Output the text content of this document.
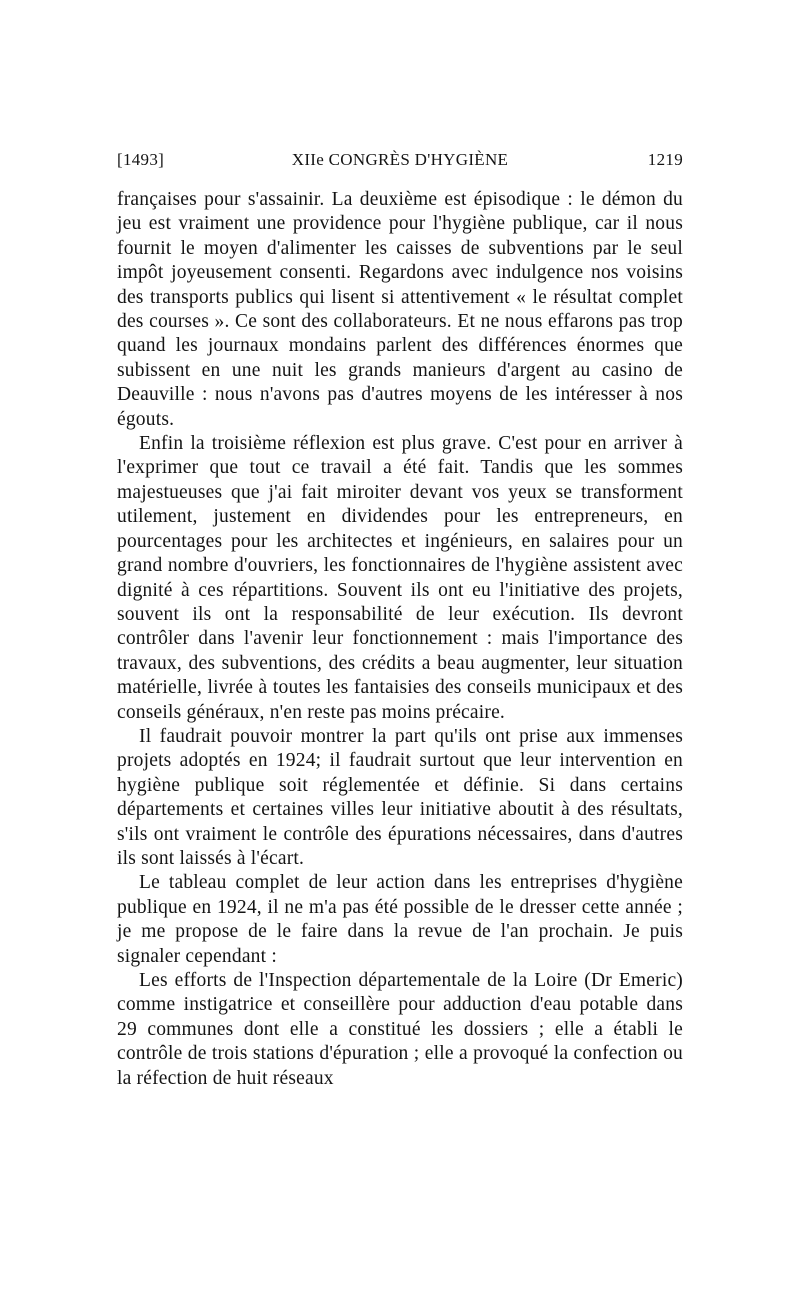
[1493]	XIIe CONGRÈS D'HYGIÈNE	1219

françaises pour s'assainir. La deuxième est épisodique : le démon du jeu est vraiment une providence pour l'hygiène publique, car il nous fournit le moyen d'alimenter les caisses de subventions par le seul impôt joyeusement consenti. Regardons avec indulgence nos voisins des transports publics qui lisent si attentivement « le résultat complet des courses ». Ce sont des collaborateurs. Et ne nous effarons pas trop quand les journaux mondains parlent des différences énormes que subissent en une nuit les grands manieurs d'argent au casino de Deauville : nous n'avons pas d'autres moyens de les intéresser à nos égouts.

Enfin la troisième réflexion est plus grave. C'est pour en arriver à l'exprimer que tout ce travail a été fait. Tandis que les sommes majestueuses que j'ai fait miroiter devant vos yeux se transforment utilement, justement en dividendes pour les entrepreneurs, en pourcentages pour les architectes et ingénieurs, en salaires pour un grand nombre d'ouvriers, les fonctionnaires de l'hygiène assistent avec dignité à ces répartitions. Souvent ils ont eu l'initiative des projets, souvent ils ont la responsabilité de leur exécution. Ils devront contrôler dans l'avenir leur fonctionnement : mais l'importance des travaux, des subventions, des crédits a beau augmenter, leur situation matérielle, livrée à toutes les fantaisies des conseils municipaux et des conseils généraux, n'en reste pas moins précaire.

Il faudrait pouvoir montrer la part qu'ils ont prise aux immenses projets adoptés en 1924; il faudrait surtout que leur intervention en hygiène publique soit réglementée et définie. Si dans certains départements et certaines villes leur initiative aboutit à des résultats, s'ils ont vraiment le contrôle des épurations nécessaires, dans d'autres ils sont laissés à l'écart.

Le tableau complet de leur action dans les entreprises d'hygiène publique en 1924, il ne m'a pas été possible de le dresser cette année ; je me propose de le faire dans la revue de l'an prochain. Je puis signaler cependant :

Les efforts de l'Inspection départementale de la Loire (Dr Emeric) comme instigatrice et conseillère pour adduction d'eau potable dans 29 communes dont elle a constitué les dossiers ; elle a établi le contrôle de trois stations d'épuration ; elle a provoqué la confection ou la réfection de huit réseaux
